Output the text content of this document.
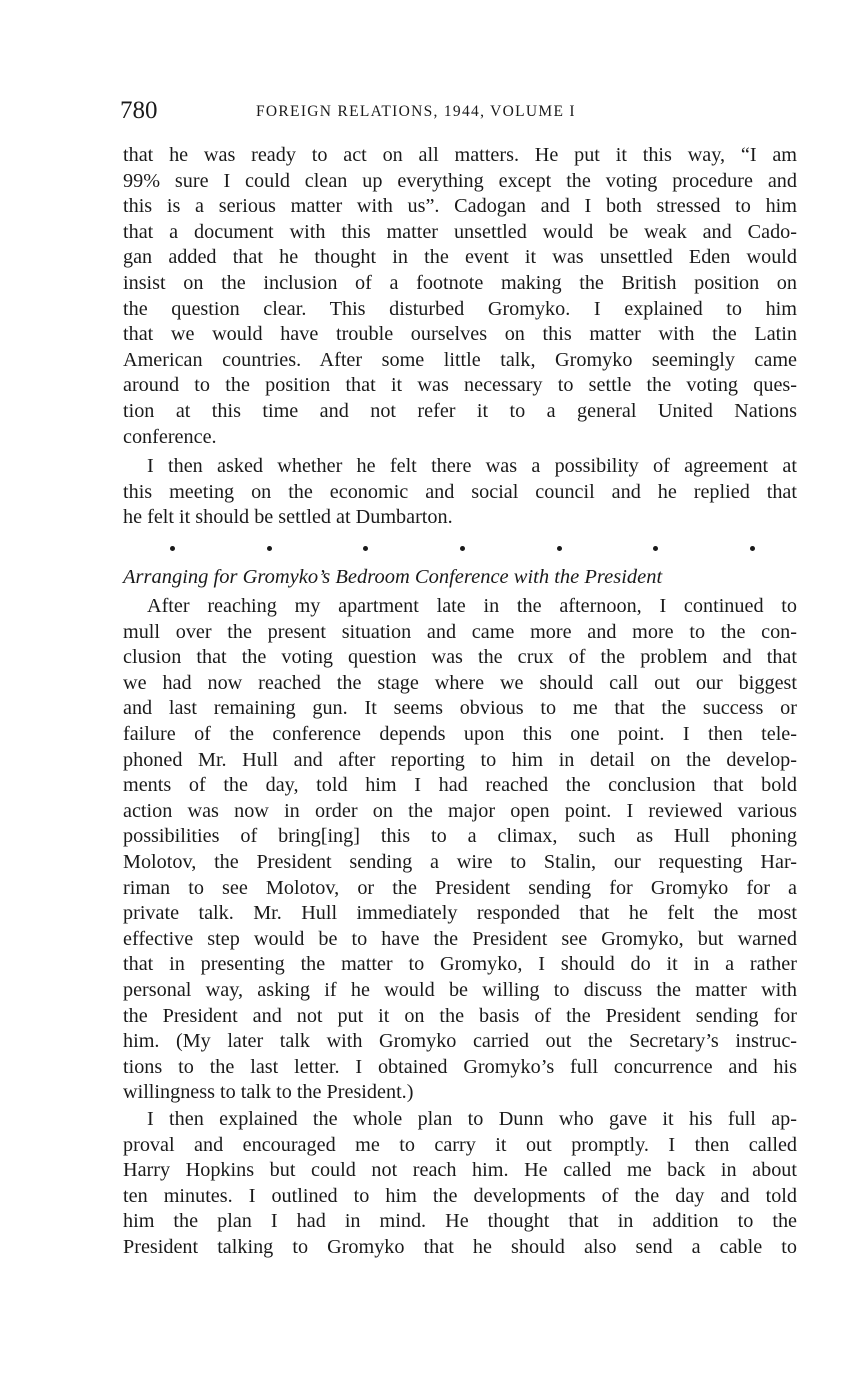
780	FOREIGN RELATIONS, 1944, VOLUME I
that he was ready to act on all matters. He put it this way, “I am
99% sure I could clean up everything except the voting procedure and
this is a serious matter with us”. Cadogan and I both stressed to him
that a document with this matter unsettled would be weak and Cado-
gan added that he thought in the event it was unsettled Eden would
insist on the inclusion of a footnote making the British position on
the question clear. This disturbed Gromyko. I explained to him
that we would have trouble ourselves on this matter with the Latin
American countries. After some little talk, Gromyko seemingly came
around to the position that it was necessary to settle the voting ques-
tion at this time and not refer it to a general United Nations
conference.
I then asked whether he felt there was a possibility of agreement at
this meeting on the economic and social council and he replied that
he felt it should be settled at Dumbarton.
Arranging for Gromyko’s Bedroom Conference with the President
After reaching my apartment late in the afternoon, I continued to
mull over the present situation and came more and more to the con-
clusion that the voting question was the crux of the problem and that
we had now reached the stage where we should call out our biggest
and last remaining gun. It seems obvious to me that the success or
failure of the conference depends upon this one point. I then tele-
phoned Mr. Hull and after reporting to him in detail on the develop-
ments of the day, told him I had reached the conclusion that bold
action was now in order on the major open point. I reviewed various
possibilities of bring[ing] this to a climax, such as Hull phoning
Molotov, the President sending a wire to Stalin, our requesting Har-
riman to see Molotov, or the President sending for Gromyko for a
private talk. Mr. Hull immediately responded that he felt the most
effective step would be to have the President see Gromyko, but warned
that in presenting the matter to Gromyko, I should do it in a rather
personal way, asking if he would be willing to discuss the matter with
the President and not put it on the basis of the President sending for
him. (My later talk with Gromyko carried out the Secretary’s instruc-
tions to the last letter. I obtained Gromyko’s full concurrence and his
willingness to talk to the President.)
I then explained the whole plan to Dunn who gave it his full ap-
proval and encouraged me to carry it out promptly. I then called
Harry Hopkins but could not reach him. He called me back in about
ten minutes. I outlined to him the developments of the day and told
him the plan I had in mind. He thought that in addition to the
President talking to Gromyko that he should also send a cable to
